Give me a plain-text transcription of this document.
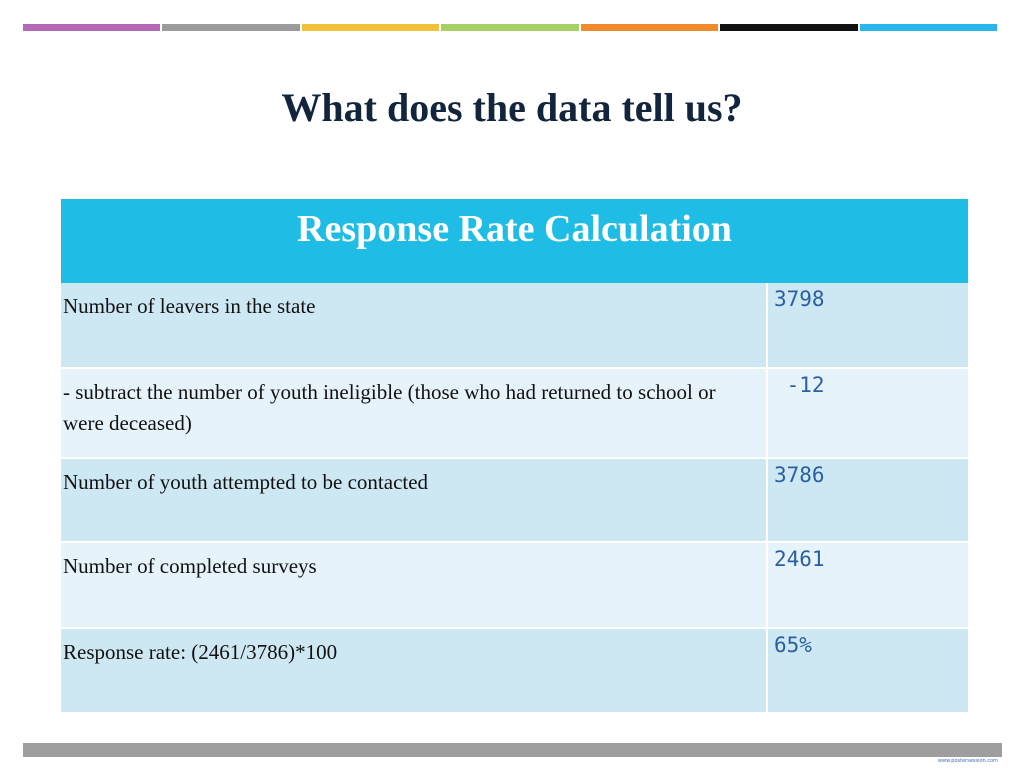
What does the data tell us?
Response Rate Calculation	
Number of leavers in the state	3798
- subtract the number of youth ineligible (those who had returned to school or were deceased)	-12
Number of youth attempted to be contacted	3786
Number of completed surveys	2461
Response rate: (2461/3786)*100	65%
www.postersession.com
